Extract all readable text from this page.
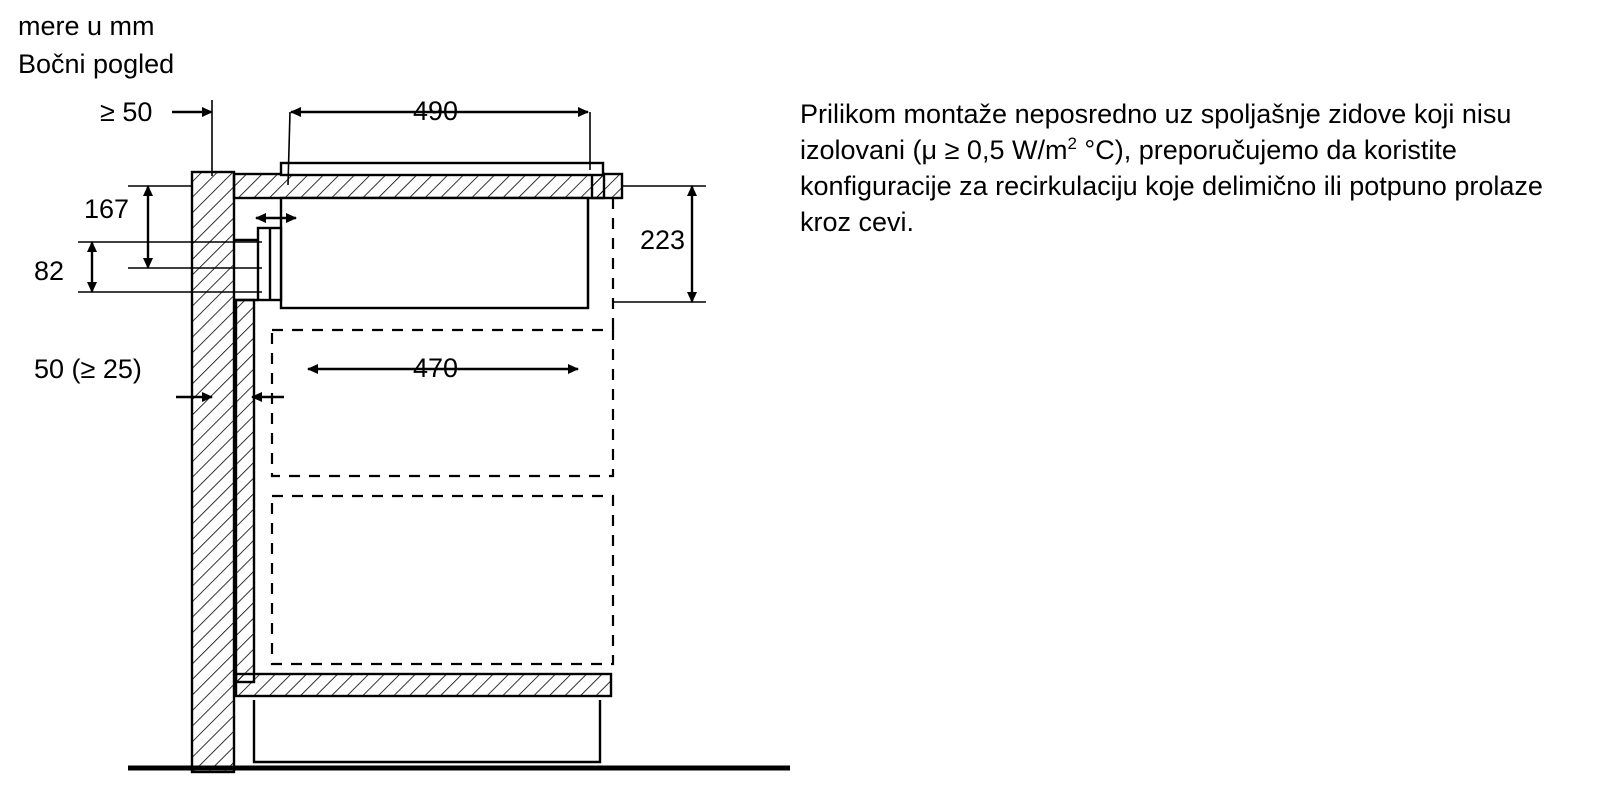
mere u mm
Bočni pogled
≥ 50	490
167
82
223
470
50 (≥ 25)
Prilikom montaže neposredno uz spoljašnje zidove koji nisu izolovani (μ ≥ 0,5 $W/m^2$ °C), preporučujemo da koristite konfiguracije za recirkulaciju koje delimično ili potpuno prolaze kroz cevi.
